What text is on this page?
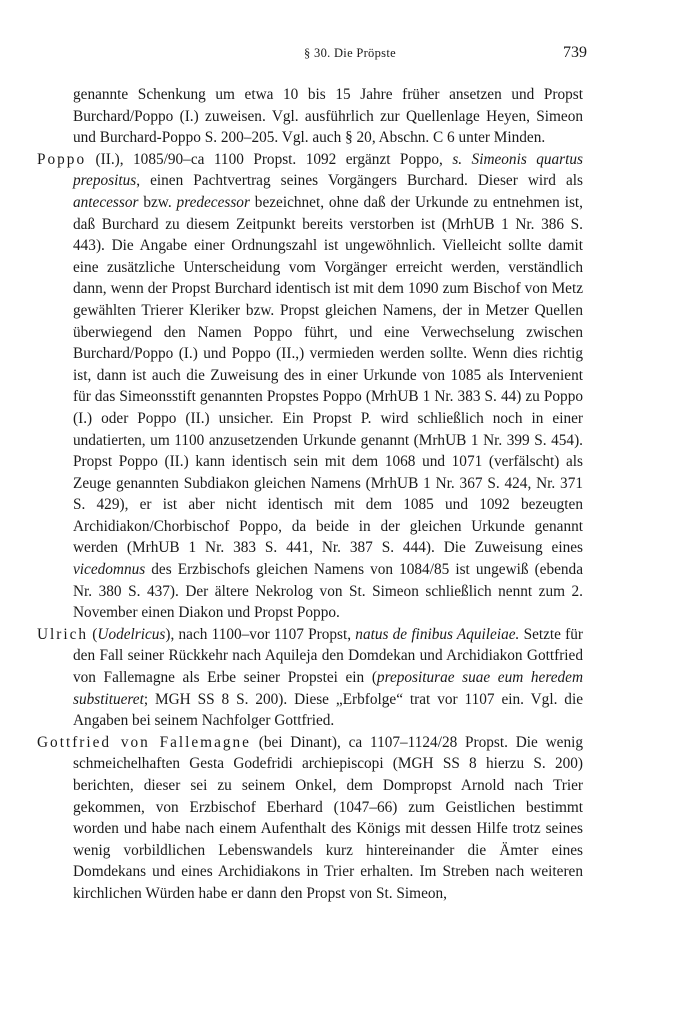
§ 30. Die Pröpste	739

genannte Schenkung um etwa 10 bis 15 Jahre früher ansetzen und Propst Burchard/Poppo (I.) zuweisen. Vgl. ausführlich zur Quellenlage Heyen, Simeon und Burchard-Poppo S. 200–205. Vgl. auch § 20, Abschn. C 6 unter Minden.

Poppo (II.), 1085/90–ca 1100 Propst. 1092 ergänzt Poppo, s. Simeonis quartus prepositus, einen Pachtvertrag seines Vorgängers Burchard. Dieser wird als antecessor bzw. predecessor bezeichnet, ohne daß der Urkunde zu entnehmen ist, daß Burchard zu diesem Zeitpunkt bereits verstorben ist (MrhUB 1 Nr. 386 S. 443). Die Angabe einer Ordnungszahl ist ungewöhnlich. Vielleicht sollte damit eine zusätzliche Unterscheidung vom Vorgänger erreicht werden, verständlich dann, wenn der Propst Burchard identisch ist mit dem 1090 zum Bischof von Metz gewählten Trierer Kleriker bzw. Propst gleichen Namens, der in Metzer Quellen überwiegend den Namen Poppo führt, und eine Verwechselung zwischen Burchard/Poppo (I.) und Poppo (II.,) vermieden werden sollte. Wenn dies richtig ist, dann ist auch die Zuweisung des in einer Urkunde von 1085 als Intervenient für das Simeonsstift genannten Propstes Poppo (MrhUB 1 Nr. 383 S. 44) zu Poppo (I.) oder Poppo (II.) unsicher. Ein Propst P. wird schließlich noch in einer undatierten, um 1100 anzusetzenden Urkunde genannt (MrhUB 1 Nr. 399 S. 454). Propst Poppo (II.) kann identisch sein mit dem 1068 und 1071 (verfälscht) als Zeuge genannten Subdiakon gleichen Namens (MrhUB 1 Nr. 367 S. 424, Nr. 371 S. 429), er ist aber nicht identisch mit dem 1085 und 1092 bezeugten Archidiakon/Chorbischof Poppo, da beide in der gleichen Urkunde genannt werden (MrhUB 1 Nr. 383 S. 441, Nr. 387 S. 444). Die Zuweisung eines vicedomnus des Erzbischofs gleichen Namens von 1084/85 ist ungewiß (ebenda Nr. 380 S. 437). Der ältere Nekrolog von St. Simeon schließlich nennt zum 2. November einen Diakon und Propst Poppo.

Ulrich (Uodelricus), nach 1100–vor 1107 Propst, natus de finibus Aquileiae. Setzte für den Fall seiner Rückkehr nach Aquileja den Domdekan und Archidiakon Gottfried von Fallemagne als Erbe seiner Propstei ein (prepositurae suae eum heredem substitueret; MGH SS 8 S. 200). Diese „Erbfolge“ trat vor 1107 ein. Vgl. die Angaben bei seinem Nachfolger Gottfried.

Gottfried von Fallemagne (bei Dinant), ca 1107–1124/28 Propst. Die wenig schmeichelhaften Gesta Godefridi archiepiscopi (MGH SS 8 hierzu S. 200) berichten, dieser sei zu seinem Onkel, dem Dompropst Arnold nach Trier gekommen, von Erzbischof Eberhard (1047–66) zum Geistlichen bestimmt worden und habe nach einem Aufenthalt des Königs mit dessen Hilfe trotz seines wenig vorbildlichen Lebenswandels kurz hintereinander die Ämter eines Domdekans und eines Archidiakons in Trier erhalten. Im Streben nach weiteren kirchlichen Würden habe er dann den Propst von St. Simeon,
